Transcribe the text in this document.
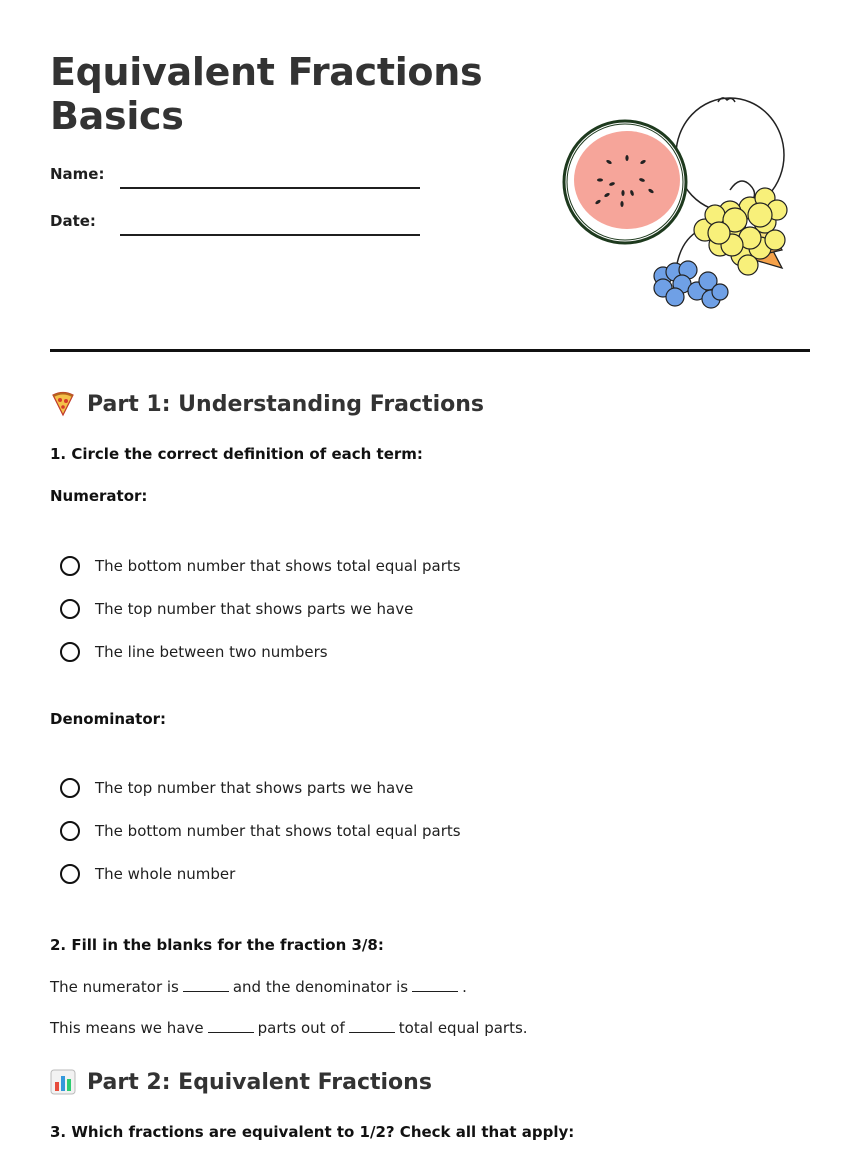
Equivalent Fractions
Basics
Name:
Date:
Part 1: Understanding Fractions
1. Circle the correct definition of each term:
Numerator:
The bottom number that shows total equal parts
The top number that shows parts we have
The line between two numbers
Denominator:
The top number that shows parts we have
The bottom number that shows total equal parts
The whole number
2. Fill in the blanks for the fraction 3/8:
The numerator is	and the denominator is	.
This means we have	parts out of	total equal parts.
Part 2: Equivalent Fractions
3. Which fractions are equivalent to 1/2? Check all that apply:
